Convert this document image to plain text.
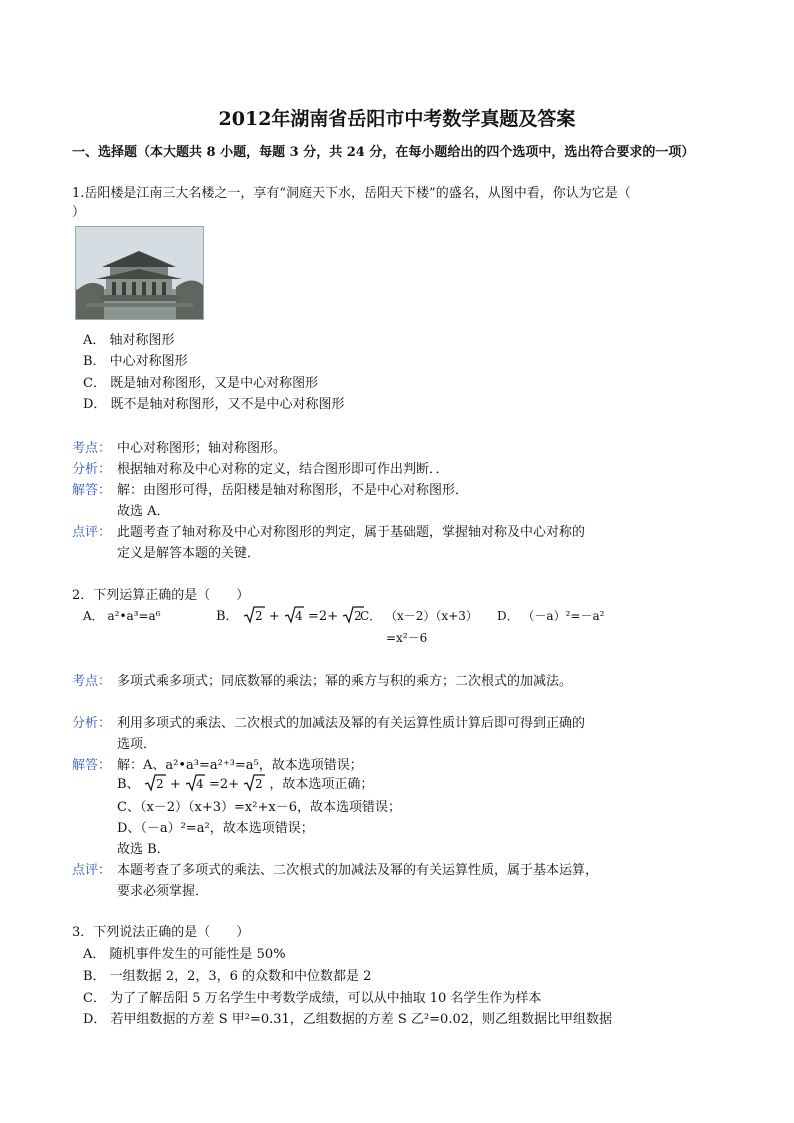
2012年湖南省岳阳市中考数学真题及答案
一、选择题（本大题共 8 小题，每题 3 分，共 24 分，在每小题给出的四个选项中，选出符合要求的一项）
1.岳阳楼是江南三大名楼之一，享有“洞庭天下水，岳阳天下楼”的盛名，从图中看，你认为它是（
）
A． 轴对称图形
B． 中心对称图形
C． 既是轴对称图形，又是中心对称图形
D． 既不是轴对称图形，又不是中心对称图形
考点： 中心对称图形；轴对称图形。
分析： 根据轴对称及中心对称的定义，结合图形即可作出判断．．
解答： 解：由图形可得，岳阳楼是轴对称图形，不是中心对称图形．
故选 A．
点评： 此题考查了轴对称及中心对称图形的判定，属于基础题，掌握轴对称及中心对称的
定义是解答本题的关键．
2．下列运算正确的是（　　）
A． a²•a³=a⁶	B． 2 + 4 =2+ 2
C． （x－2）（x+3）
=x²－6
D． （－a）²=－a²
考点： 多项式乘多项式；同底数幂的乘法；幂的乘方与积的乘方；二次根式的加减法。
分析： 利用多项式的乘法、二次根式的加减法及幂的有关运算性质计算后即可得到正确的
选项．
解答： 解：A、a²•a³=a²⁺³=a⁵，故本选项错误；
B、 2 + 4 =2+ 2 ，故本选项正确；
C、（x－2）（x+3）=x²+x－6，故本选项错误；
D、（－a）²=a²，故本选项错误；
故选 B．
点评： 本题考查了多项式的乘法、二次根式的加减法及幂的有关运算性质，属于基本运算，
要求必须掌握．
3．下列说法正确的是（　　）
A． 随机事件发生的可能性是 50%
B． 一组数据 2，2，3，6 的众数和中位数都是 2
C． 为了了解岳阳 5 万名学生中考数学成绩，可以从中抽取 10 名学生作为样本
D． 若甲组数据的方差 S 甲²=0.31，乙组数据的方差 S 乙²=0.02，则乙组数据比甲组数据
